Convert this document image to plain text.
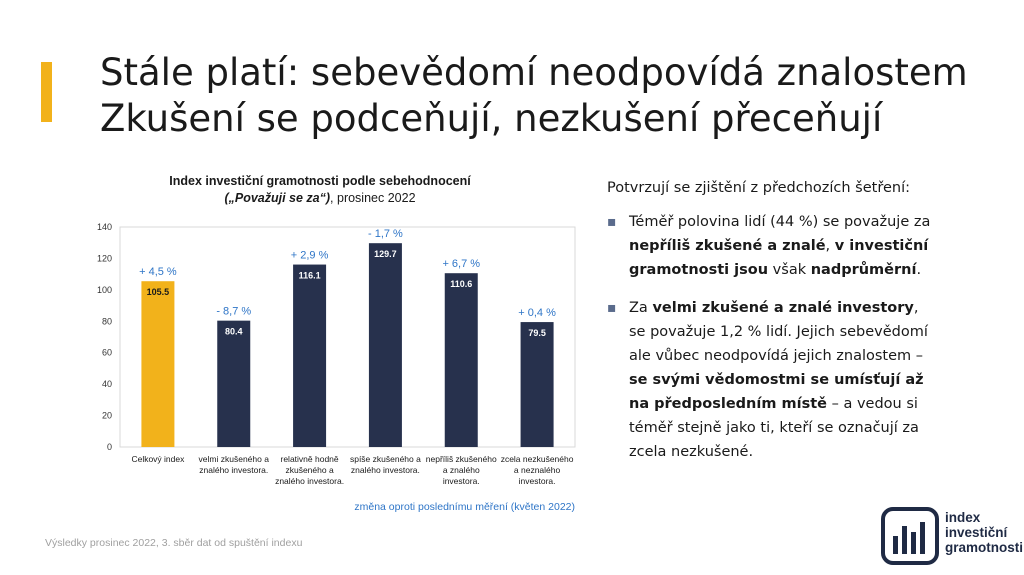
Stále platí: sebevědomí neodpovídá znalostem
Zkušení se podceňují, nezkušení přeceňují
Index investiční gramotnosti podle sebehodnocení
(„Považuji se za“), prosinec 2022
0
20
40
60
80
100
120
140
105.5
+ 4,5 %
Celkový index
80.4
- 8,7 %
velmi zkušeného a znalého investora.
116.1
+ 2,9 %
relativně hodně zkušeného a znalého investora.
129.7
- 1,7 %
spíše zkušeného a znalého investora.
110.6
+ 6,7 %
nepříliš zkušeného a znalého investora.
79.5
+ 0,4 %
zcela nezkušeného a neznalého investora.
změna oproti poslednímu měření (květen 2022)

Potvrzují se zjištění z předchozích šetření:

▪ Téměř polovina lidí (44 %) se považuje za nepříliš zkušené a znalé, v investiční gramotnosti jsou však nadprůměrní.
▪ Za velmi zkušené a znalé investory, se považuje 1,2 % lidí. Jejich sebevědomí ale vůbec neodpovídá jejich znalostem – se svými vědomostmi se umísťují až na předposledním místě – a vedou si téměř stejně jako ti, kteří se označují za zcela nezkušené.
Výsledky prosinec 2022, 3. sběr dat od spuštění indexu
index
investiční
gramotnosti
